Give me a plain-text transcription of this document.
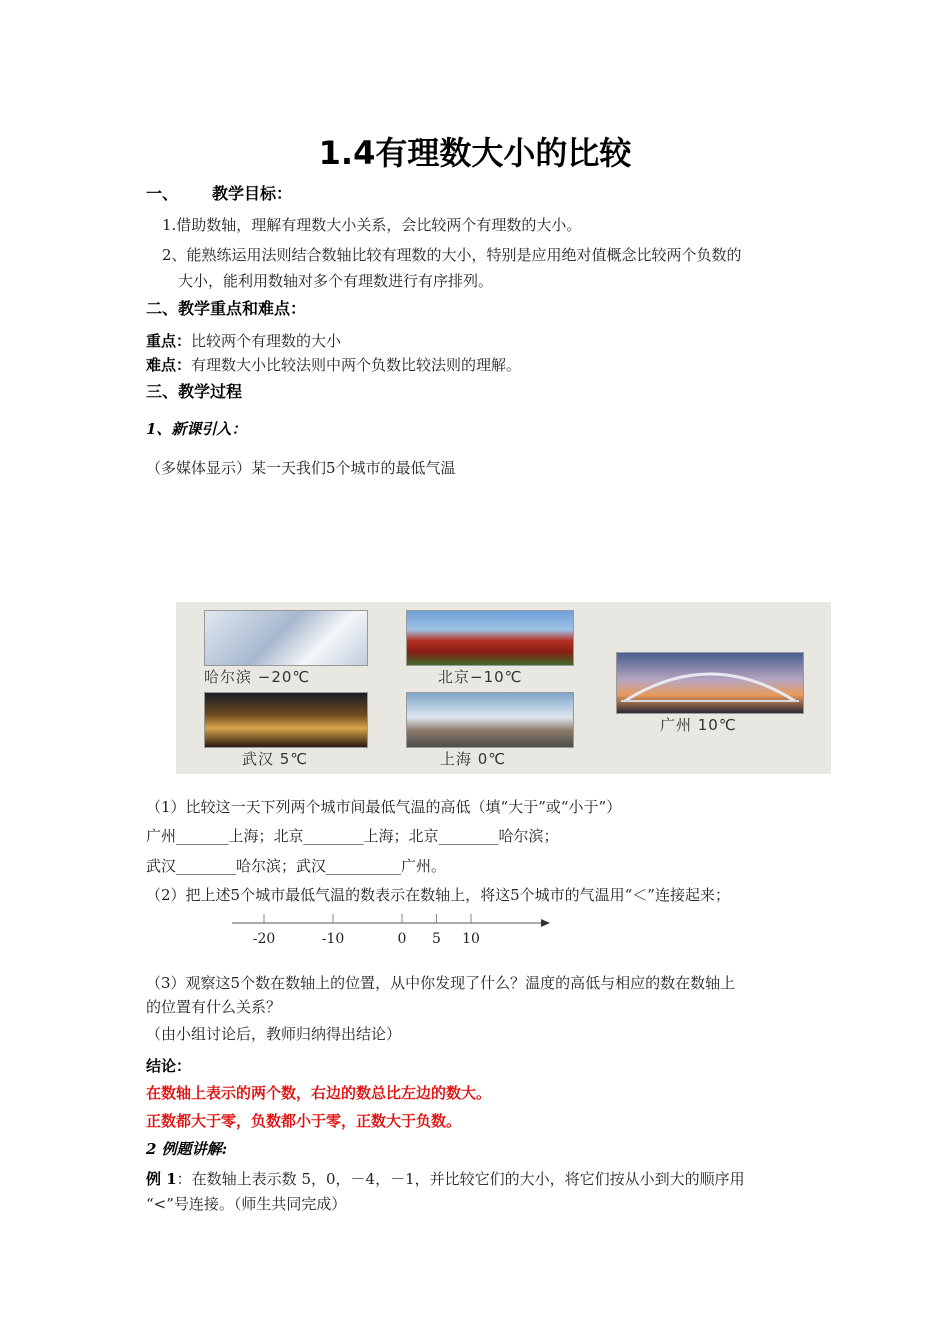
1.4有理数大小的比较
一、 教学目标：
1.借助数轴，理解有理数大小关系，会比较两个有理数的大小。
2、能熟练运用法则结合数轴比较有理数的大小，特别是应用绝对值概念比较两个负数的
大小，能利用数轴对多个有理数进行有序排列。
二、教学重点和难点：
重点：比较两个有理数的大小
难点：有理数大小比较法则中两个负数比较法则的理解。
三、教学过程
1、新课引入：
（多媒体显示）某一天我们5个城市的最低气温
哈尔滨 −20℃	北京−10℃
广州 10℃
武汉 5℃	上海 0℃
（1）比较这一天下列两个城市间最低气温的高低（填“大于”或“小于”）
广州_______上海；北京________上海；北京________哈尔滨；
武汉________哈尔滨；武汉__________广州。
（2）把上述5个城市最低气温的数表示在数轴上，将这5个城市的气温用“＜”连接起来；
-20	-10	0 5 10
（3）观察这5个数在数轴上的位置，从中你发现了什么？温度的高低与相应的数在数轴上
的位置有什么关系？
（由小组讨论后，教师归纳得出结论）
结论：
在数轴上表示的两个数，右边的数总比左边的数大。
正数都大于零，负数都小于零，正数大于负数。
2 例题讲解:
例 1：在数轴上表示数 5，0，－4，－1，并比较它们的大小，将它们按从小到大的顺序用
“<”号连接。（师生共同完成）
